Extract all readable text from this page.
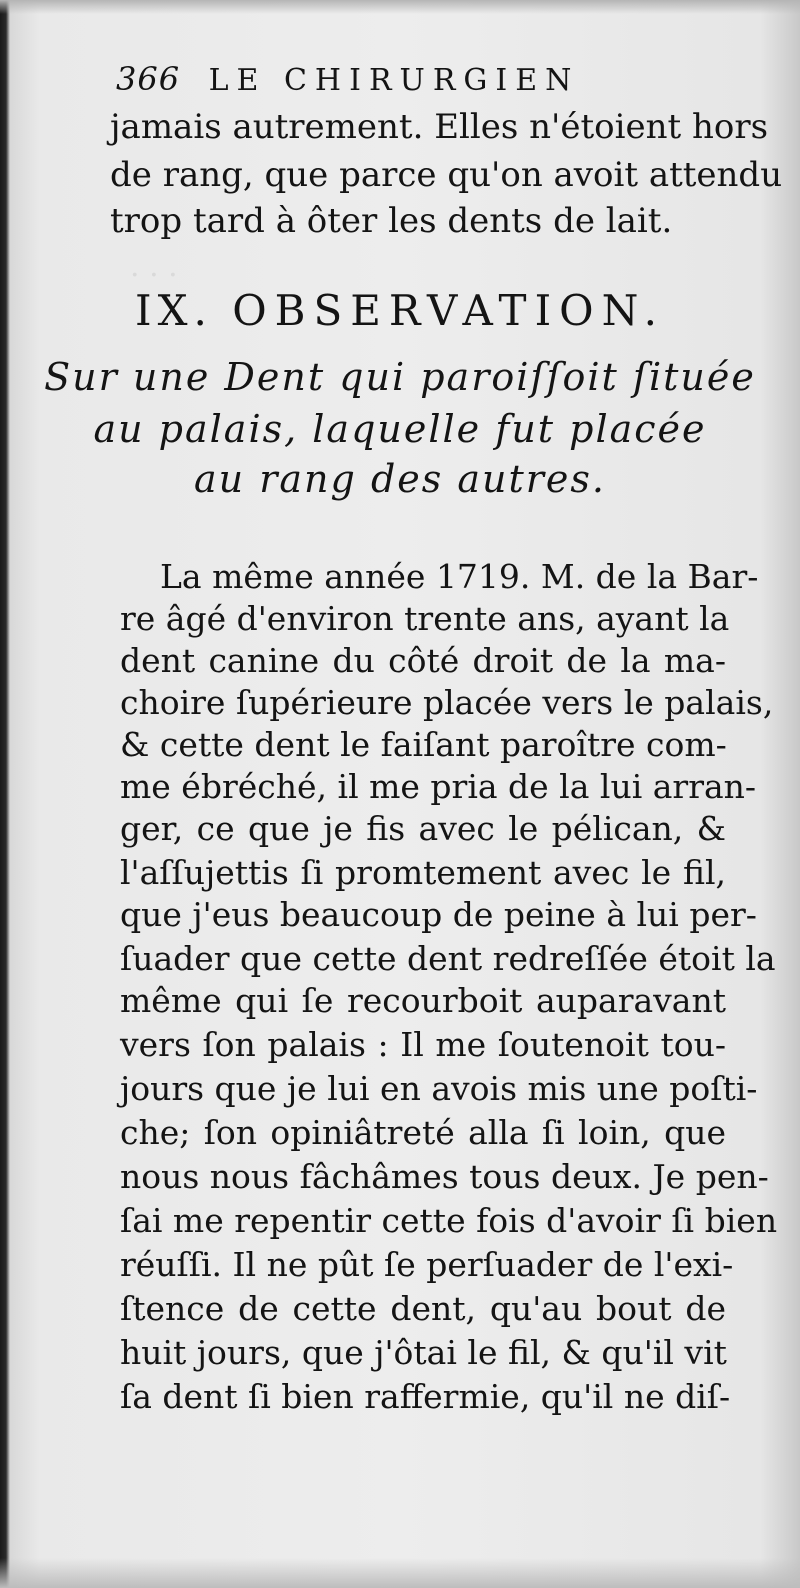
· · ·
366 LE CHIRURGIEN
jamais autrement. Elles n'étoient hors
de rang, que parce qu'on avoit attendu
trop tard à ôter les dents de lait.
IX. OBSERVATION.
Sur une Dent qui paroiſſoit ſituée
au palais, laquelle fut placée
au rang des autres.
La même année 1719. M. de la Bar-
re âgé d'environ trente ans, ayant la
dent canine du côté droit de la ma-
choire ſupérieure placée vers le palais,
& cette dent le faiſant paroître com-
me ébréché, il me pria de la lui arran-
ger, ce que je fis avec le pélican, &
l'aſſujettis ſi promtement avec le fil,
que j'eus beaucoup de peine à lui per-
ſuader que cette dent redreſſée étoit la
même qui ſe recourboit auparavant
vers ſon palais : Il me ſoutenoit tou-
jours que je lui en avois mis une poſti-
che; ſon opiniâtreté alla ſi loin, que
nous nous fâchâmes tous deux. Je pen-
ſai me repentir cette fois d'avoir ſi bien
réuſſi. Il ne pût ſe perſuader de l'exi-
ſtence de cette dent, qu'au bout de
huit jours, que j'ôtai le fil, & qu'il vit
ſa dent ſi bien raffermie, qu'il ne diſ-
